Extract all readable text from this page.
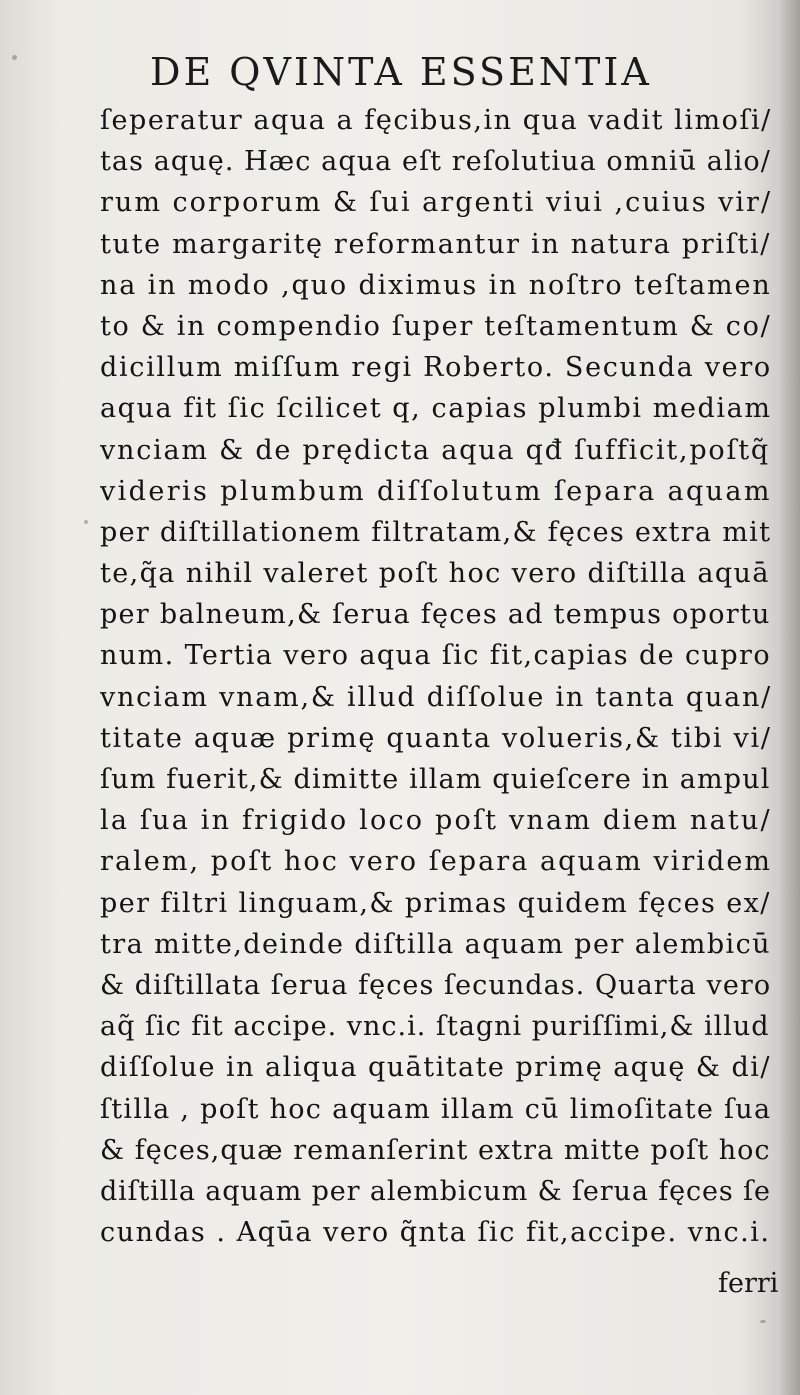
DE QVINTA ESSENTIA
ſeperatur aqua a fęcibus,in qua vadit limoſi/
tas aquę. Hæc aqua eſt reſolutiua omniū alio/
rum corporum & ſui argenti viui ,cuius vir/
tute margaritę reformantur in natura priſti/
na in modo ,quo diximus in noſtro teſtamen
to & in compendio ſuper teſtamentum & co/
dicillum miſſum regi Roberto. Secunda vero
aqua fit ſic ſcilicet q, capias plumbi mediam
vnciam & de prędicta aqua qđ ſufficit,poſtq̃
videris plumbum diſſolutum ſepara aquam
per diſtillationem filtratam,& fęces extra mit
te,q̃a nihil valeret poſt hoc vero diſtilla aquā
per balneum,& ſerua fęces ad tempus oportu
num. Tertia vero aqua ſic fit,capias de cupro
vnciam vnam,& illud diſſolue in tanta quan/
titate aquæ primę quanta volueris,& tibi vi/
ſum fuerit,& dimitte illam quieſcere in ampul
la ſua in frigido loco poſt vnam diem natu/
ralem, poſt hoc vero ſepara aquam viridem
per filtri linguam,& primas quidem fęces ex/
tra mitte,deinde diſtilla aquam per alembicū
& diſtillata ſerua fęces ſecundas. Quarta vero
aq̃ ſic fit accipe. vnc.i. ſtagni puriſſimi,& illud
diſſolue in aliqua quātitate primę aquę & di/
ſtilla , poſt hoc aquam illam cū limoſitate ſua
& fęces,quæ remanſerint extra mitte poſt hoc
diſtilla aquam per alembicum & ſerua fęces ſe
cundas . Aqūa vero q̃nta ſic fit,accipe. vnc.i.
ferri
